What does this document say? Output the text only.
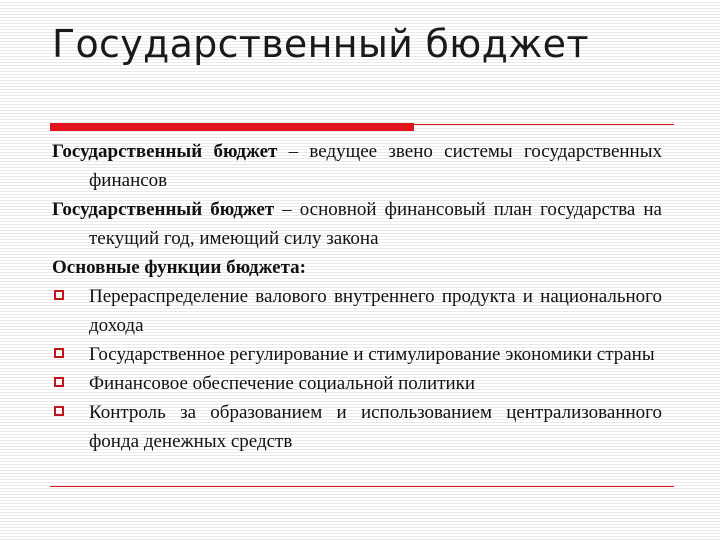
Государственный бюджет

Государственный бюджет – ведущее звено системы государственных финансов

Государственный бюджет – основной финансовый план государства на текущий год, имеющий силу закона

Основные функции бюджета:

Перераспределение валового внутреннего продукта и национального дохода
Государственное регулирование и стимулирование экономики страны
Финансовое обеспечение социальной политики
Контроль за образованием и использованием централизованного фонда денежных средств
